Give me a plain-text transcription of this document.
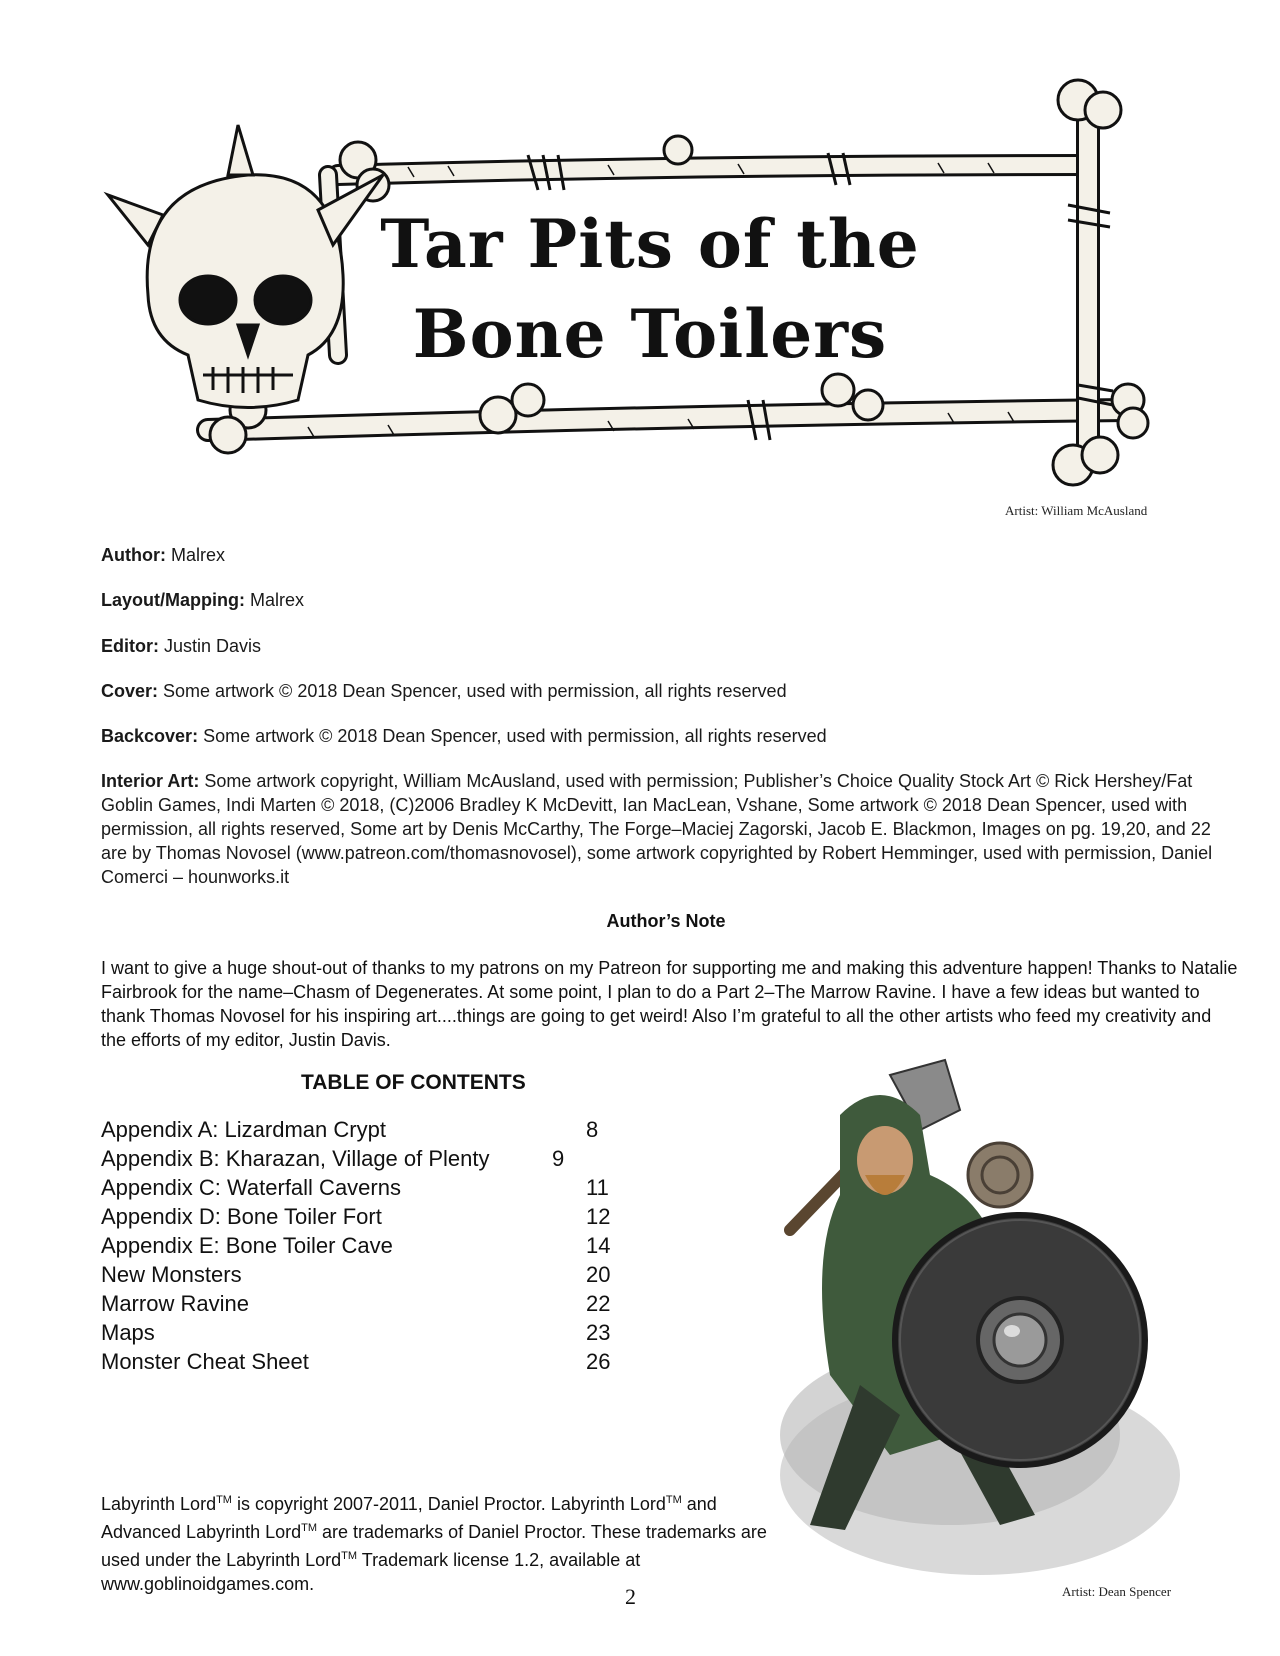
Tar Pits of the
Bone Toilers
Artist: William McAusland
Author: Malrex
Layout/Mapping: Malrex
Editor: Justin Davis
Cover: Some artwork © 2018 Dean Spencer, used with permission, all rights reserved
Backcover: Some artwork © 2018 Dean Spencer, used with permission, all rights reserved
Interior Art: Some artwork copyright, William McAusland, used with permission; Publisher’s Choice Quality Stock Art © Rick Hershey/Fat Goblin Games, Indi Marten © 2018, (C)2006 Bradley K McDevitt, Ian MacLean, Vshane, Some artwork © 2018 Dean Spencer, used with permission, all rights reserved, Some art by Denis McCarthy, The Forge–Maciej Zagorski, Jacob E. Blackmon, Images on pg. 19,20, and 22 are by Thomas Novosel (www.patreon.com/thomasnovosel), some artwork copyrighted by Robert Hemminger, used with permission, Daniel Comerci – hounworks.it
Author’s Note
I want to give a huge shout-out of thanks to my patrons on my Patreon for supporting me and making this adventure happen! Thanks to Natalie Fairbrook for the name–Chasm of Degenerates. At some point, I plan to do a Part 2–The Marrow Ravine. I have a few ideas but wanted to thank Thomas Novosel for his inspiring art....things are going to get weird! Also I’m grateful to all the other artists who feed my creativity and the efforts of my editor, Justin Davis.
TABLE OF CONTENTS
Appendix A: Lizardman Crypt	8
Appendix B: Kharazan, Village of Plenty	9
Appendix C: Waterfall Caverns	11
Appendix D: Bone Toiler Fort	12
Appendix E: Bone Toiler Cave	14
New Monsters	20
Marrow Ravine	22
Maps	23
Monster Cheat Sheet	26
Labyrinth Lord™ is copyright 2007-2011, Daniel Proctor. Labyrinth Lord™ and Advanced Labyrinth Lord™ are trademarks of Daniel Proctor. These trademarks are used under the Labyrinth Lord™ Trademark license 1.2, available at www.goblinoidgames.com.	2	Artist: Dean Spencer
